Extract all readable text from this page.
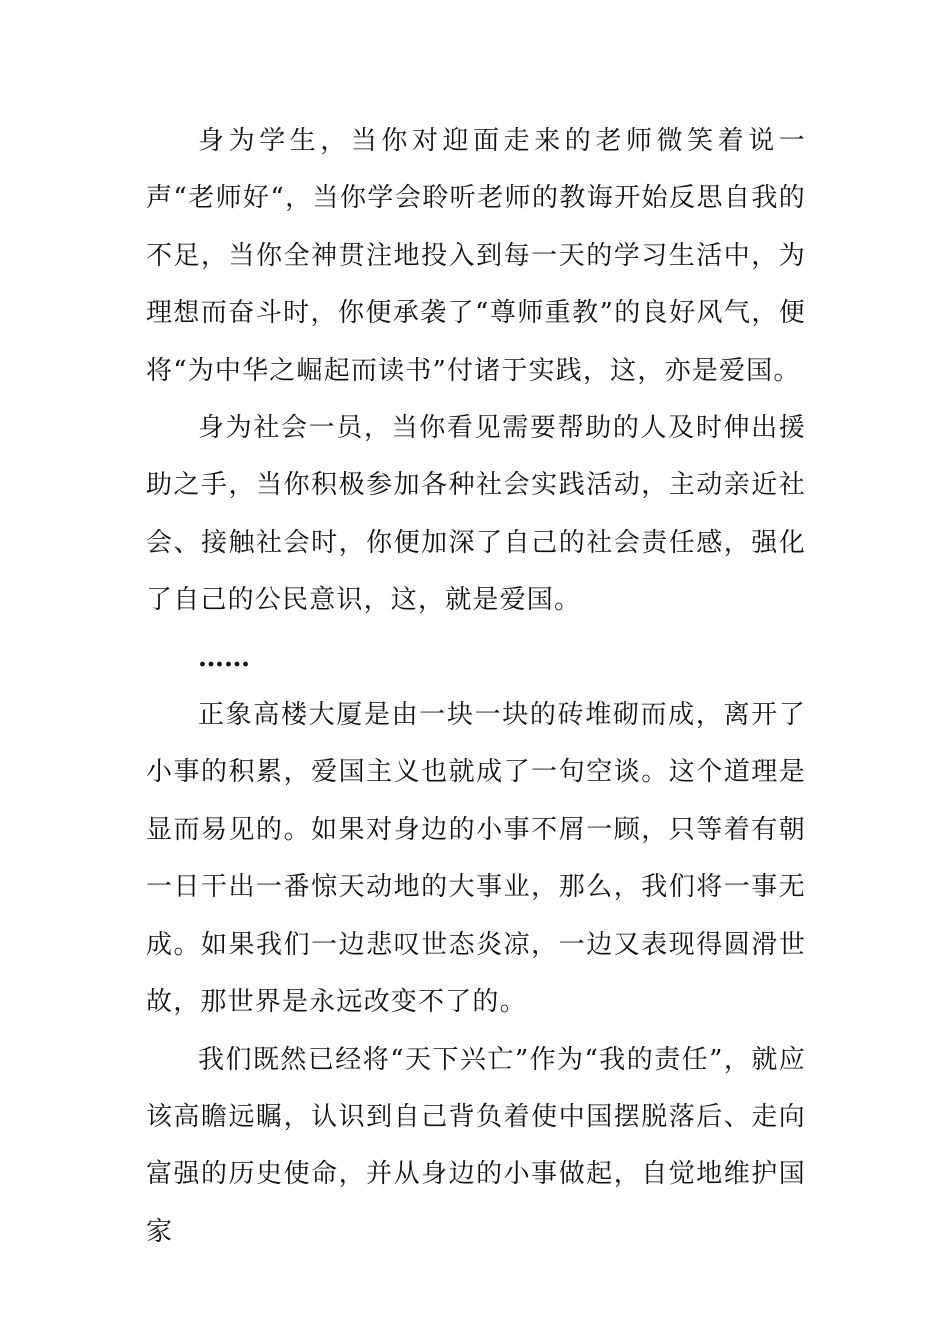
身为学生，当你对迎面走来的老师微笑着说一声“老师好“，当你学会聆听老师的教诲开始反思自我的不足，当你全神贯注地投入到每一天的学习生活中，为理想而奋斗时，你便承袭了“尊师重教”的良好风气，便将“为中华之崛起而读书”付诸于实践，这，亦是爱国。

身为社会一员，当你看见需要帮助的人及时伸出援助之手，当你积极参加各种社会实践活动，主动亲近社会、接触社会时，你便加深了自己的社会责任感，强化了自己的公民意识，这，就是爱国。

……

正象高楼大厦是由一块一块的砖堆砌而成，离开了小事的积累，爱国主义也就成了一句空谈。这个道理是显而易见的。如果对身边的小事不屑一顾，只等着有朝一日干出一番惊天动地的大事业，那么，我们将一事无成。如果我们一边悲叹世态炎凉，一边又表现得圆滑世故，那世界是永远改变不了的。

我们既然已经将“天下兴亡”作为“我的责任”，就应该高瞻远瞩，认识到自己背负着使中国摆脱落后、走向富强的历史使命，并从身边的小事做起，自觉地维护国家
